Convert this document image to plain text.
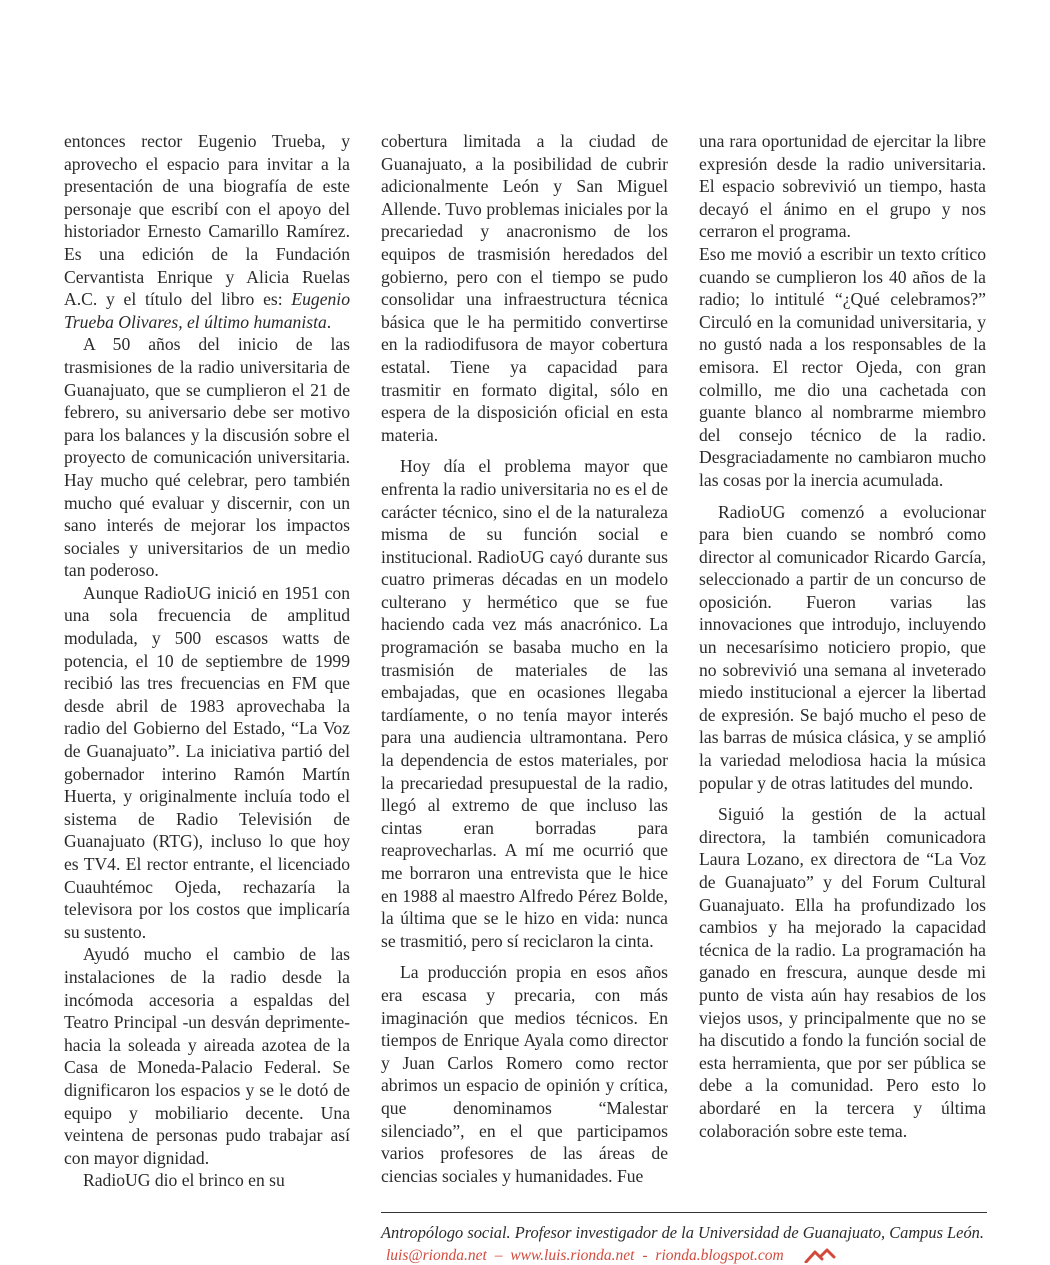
entonces rector Eugenio Trueba, y aprovecho el espacio para invitar a la presentación de una biografía de este personaje que escribí con el apoyo del historiador Ernesto Camarillo Ramírez. Es una edición de la Fundación Cervantista Enrique y Alicia Ruelas A.C. y el título del libro es: Eugenio Trueba Olivares, el último humanista.

A 50 años del inicio de las trasmisiones de la radio universitaria de Guanajuato, que se cumplieron el 21 de febrero, su aniversario debe ser motivo para los balances y la discusión sobre el proyecto de comunicación universitaria. Hay mucho qué celebrar, pero también mucho qué evaluar y discernir, con un sano interés de mejorar los impactos sociales y universitarios de un medio tan poderoso.

Aunque RadioUG inició en 1951 con una sola frecuencia de amplitud modulada, y 500 escasos watts de potencia, el 10 de septiembre de 1999 recibió las tres frecuencias en FM que desde abril de 1983 aprovechaba la radio del Gobierno del Estado, “La Voz de Guanajuato”. La iniciativa partió del gobernador interino Ramón Martín Huerta, y originalmente incluía todo el sistema de Radio Televisión de Guanajuato (RTG), incluso lo que hoy es TV4. El rector entrante, el licenciado Cuauhtémoc Ojeda, rechazaría la televisora por los costos que implicaría su sustento.

Ayudó mucho el cambio de las instalaciones de la radio desde la incómoda accesoria a espaldas del Teatro Principal -un desván deprimente- hacia la soleada y aireada azotea de la Casa de Moneda-Palacio Federal. Se dignificaron los espacios y se le dotó de equipo y mobiliario decente. Una veintena de personas pudo trabajar así con mayor dignidad.

RadioUG dio el brinco en su

cobertura limitada a la ciudad de Guanajuato, a la posibilidad de cubrir adicionalmente León y San Miguel Allende. Tuvo problemas iniciales por la precariedad y anacronismo de los equipos de trasmisión heredados del gobierno, pero con el tiempo se pudo consolidar una infraestructura técnica básica que le ha permitido convertirse en la radiodifusora de mayor cobertura estatal. Tiene ya capacidad para trasmitir en formato digital, sólo en espera de la disposición oficial en esta materia.

Hoy día el problema mayor que enfrenta la radio universitaria no es el de carácter técnico, sino el de la naturaleza misma de su función social e institucional. RadioUG cayó durante sus cuatro primeras décadas en un modelo culterano y hermético que se fue haciendo cada vez más anacrónico. La programación se basaba mucho en la trasmisión de materiales de las embajadas, que en ocasiones llegaba tardíamente, o no tenía mayor interés para una audiencia ultramontana. Pero la dependencia de estos materiales, por la precariedad presupuestal de la radio, llegó al extremo de que incluso las cintas eran borradas para reaprovecharlas. A mí me ocurrió que me borraron una entrevista que le hice en 1988 al maestro Alfredo Pérez Bolde, la última que se le hizo en vida: nunca se trasmitió, pero sí reciclaron la cinta.

La producción propia en esos años era escasa y precaria, con más imaginación que medios técnicos. En tiempos de Enrique Ayala como director y Juan Carlos Romero como rector abrimos un espacio de opinión y crítica, que denominamos “Malestar silenciado”, en el que participamos varios profesores de las áreas de ciencias sociales y humanidades. Fue

una rara oportunidad de ejercitar la libre expresión desde la radio universitaria. El espacio sobrevivió un tiempo, hasta decayó el ánimo en el grupo y nos cerraron el programa.

Eso me movió a escribir un texto crítico cuando se cumplieron los 40 años de la radio; lo intitulé “¿Qué celebramos?” Circuló en la comunidad universitaria, y no gustó nada a los responsables de la emisora. El rector Ojeda, con gran colmillo, me dio una cachetada con guante blanco al nombrarme miembro del consejo técnico de la radio. Desgraciadamente no cambiaron mucho las cosas por la inercia acumulada.

RadioUG comenzó a evolucionar para bien cuando se nombró como director al comunicador Ricardo García, seleccionado a partir de un concurso de oposición. Fueron varias las innovaciones que introdujo, incluyendo un necesarísimo noticiero propio, que no sobrevivió una semana al inveterado miedo institucional a ejercer la libertad de expresión. Se bajó mucho el peso de las barras de música clásica, y se amplió la variedad melodiosa hacia la música popular y de otras latitudes del mundo.

Siguió la gestión de la actual directora, la también comunicadora Laura Lozano, ex directora de “La Voz de Guanajuato” y del Forum Cultural Guanajuato. Ella ha profundizado los cambios y ha mejorado la capacidad técnica de la radio. La programación ha ganado en frescura, aunque desde mi punto de vista aún hay resabios de los viejos usos, y principalmente que no se ha discutido a fondo la función social de esta herramienta, que por ser pública se debe a la comunidad. Pero esto lo abordaré en la tercera y última colaboración sobre este tema.

Antropólogo social. Profesor investigador de la Universidad de Guanajuato, Campus León.
luis@rionda.net – www.luis.rionda.net - rionda.blogspot.com
